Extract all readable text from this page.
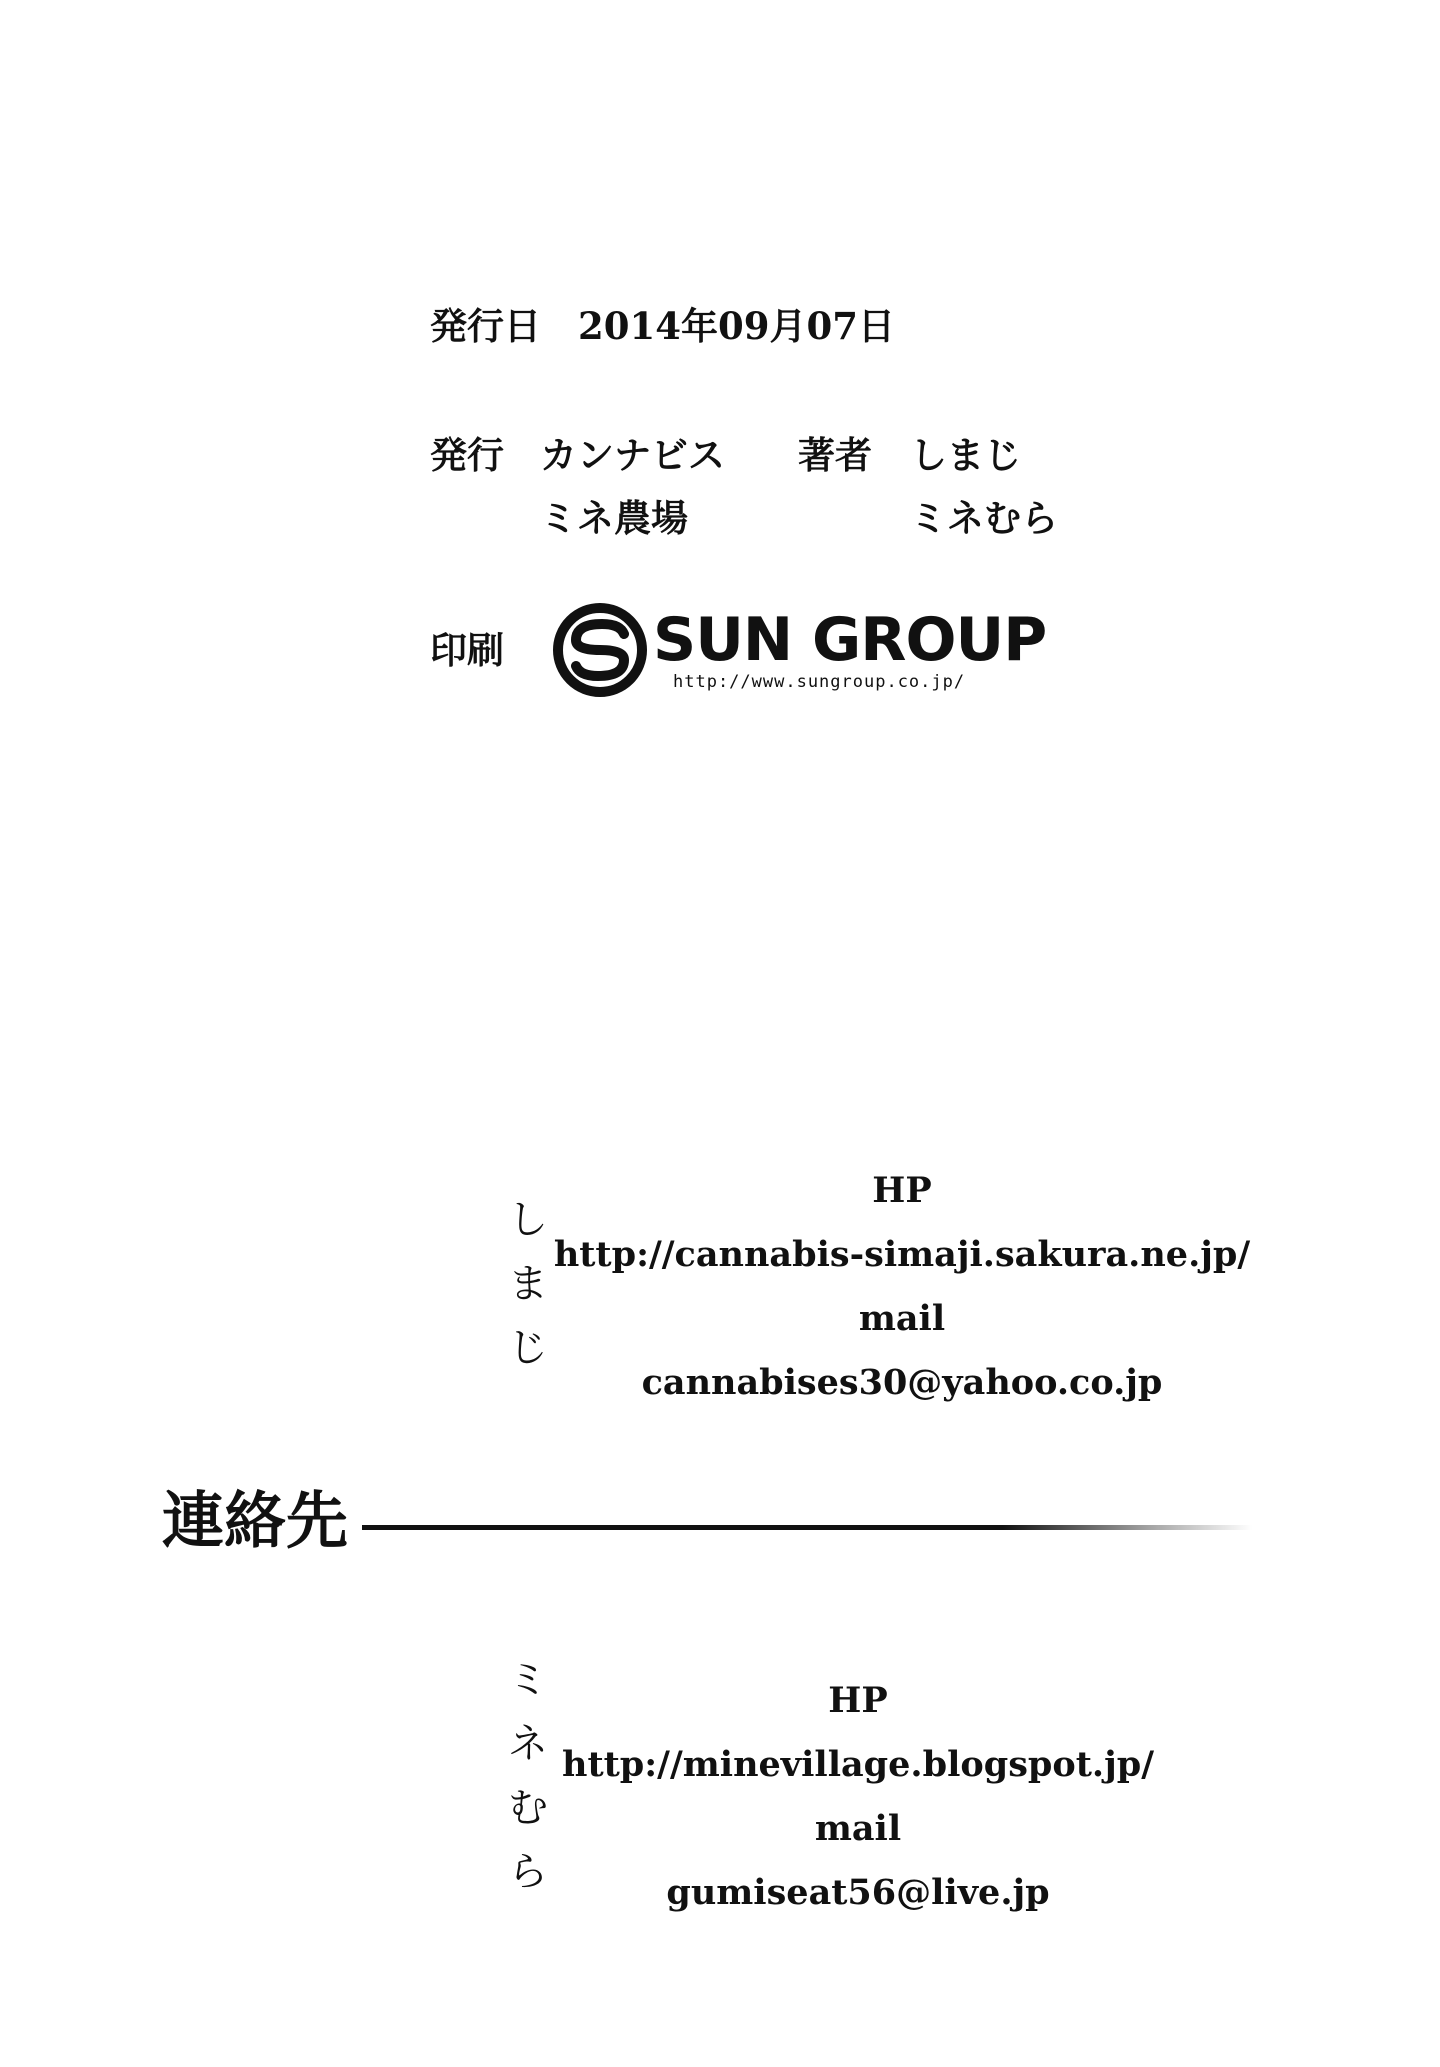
発行日 2014年09月07日
発行 カンナビス
ミネ農場
著者 しまじ
ミネむら
印刷 SUN GROUP
http://www.sungroup.co.jp/
し
ま
じ
HP
http://cannabis-simaji.sakura.ne.jp/
mail
cannabises30@yahoo.co.jp
連絡先
ミ
ネ
む
ら
HP
http://minevillage.blogspot.jp/
mail
gumiseat56@live.jp
